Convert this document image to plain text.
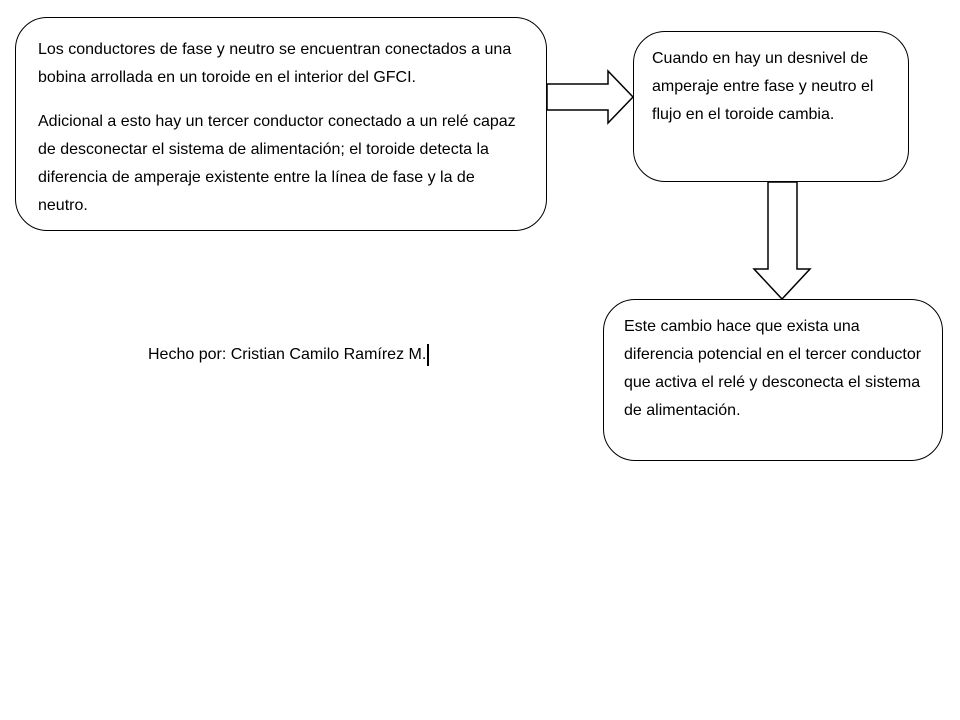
Los conductores de fase y neutro se encuentran conectados a una bobina arrollada en un toroide en el interior del GFCI.

Adicional a esto hay un tercer conductor conectado a un relé capaz de desconectar el sistema de alimentación; el toroide detecta la diferencia de amperaje existente entre la línea de fase y la de neutro.

Cuando en hay un desnivel de amperaje entre fase y neutro el flujo en el toroide cambia.

Este cambio hace que exista una diferencia potencial en el tercer conductor que activa el relé y desconecta el sistema de alimentación.

Hecho por: Cristian Camilo Ramírez M.
